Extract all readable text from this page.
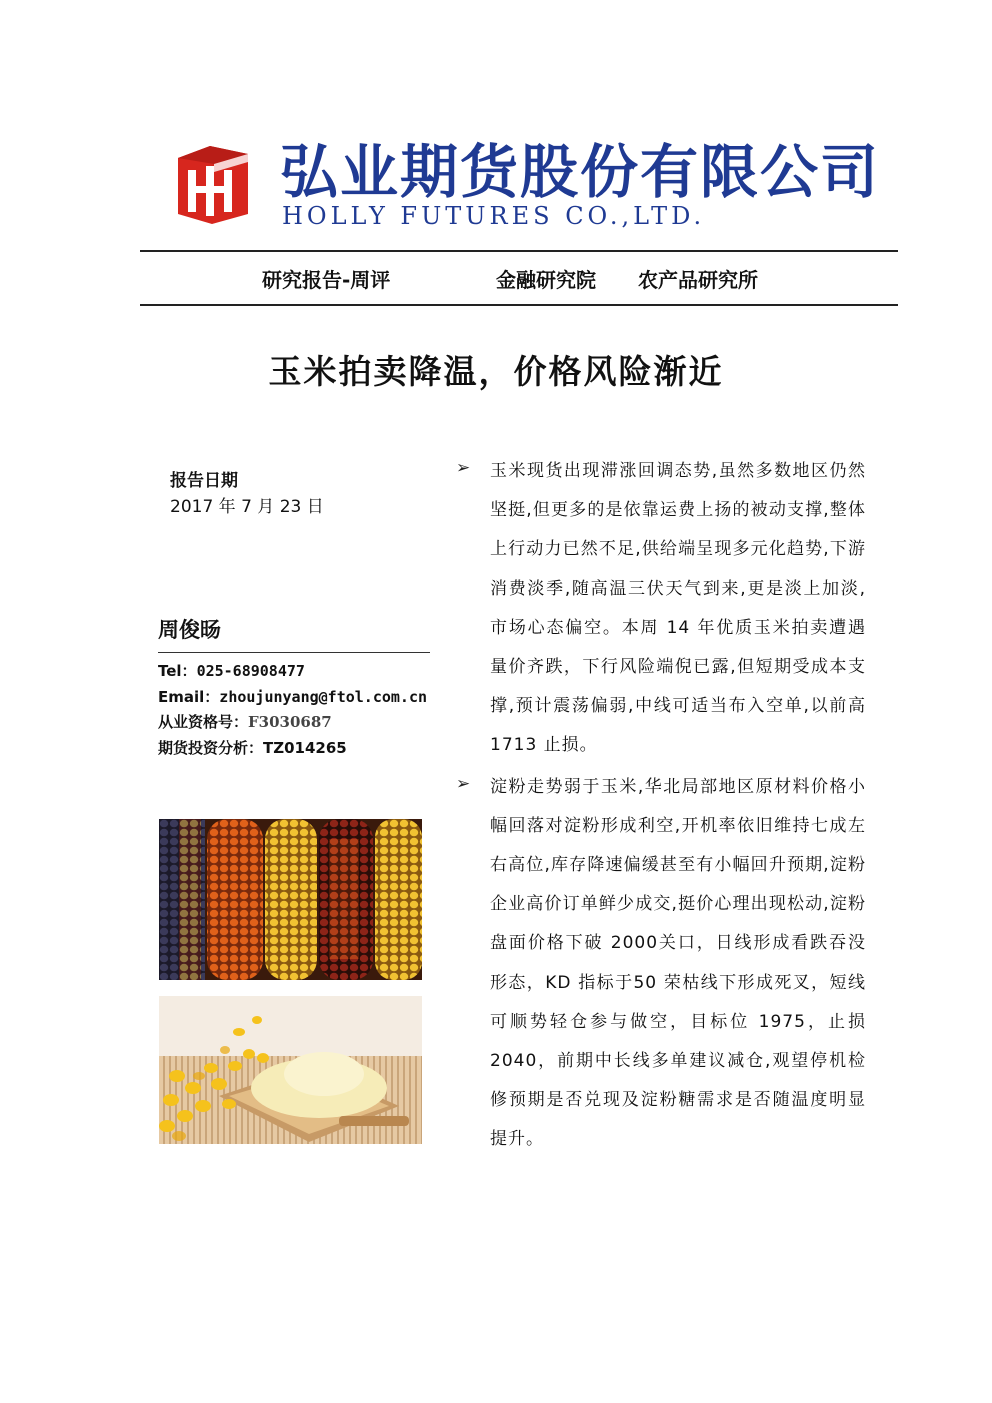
弘业期货股份有限公司
HOLLY FUTURES CO.,LTD.
研究报告-周评	金融研究院 农产品研究所
玉米拍卖降温，价格风险渐近
报告日期
2017 年 7 月 23 日
周俊旸
Tel：025-68908477
Email：zhoujunyang@ftol.com.cn
从业资格号：F3030687
期货投资分析：TZ014265
➢ 玉米现货出现滞涨回调态势,虽然多数地区仍然坚挺,但更多的是依靠运费上扬的被动支撑,整体上行动力已然不足,供给端呈现多元化趋势,下游消费淡季,随高温三伏天气到来,更是淡上加淡,市场心态偏空。本周 14 年优质玉米拍卖遭遇量价齐跌，下行风险端倪已露,但短期受成本支撑,预计震荡偏弱,中线可适当布入空单,以前高 1713 止损。
➢ 淀粉走势弱于玉米,华北局部地区原材料价格小幅回落对淀粉形成利空,开机率依旧维持七成左右高位,库存降速偏缓甚至有小幅回升预期,淀粉企业高价订单鲜少成交,挺价心理出现松动,淀粉盘面价格下破 2000关口，日线形成看跌吞没形态，KD 指标于50 荣枯线下形成死叉，短线可顺势轻仓参与做空，目标位 1975，止损 2040，前期中长线多单建议减仓,观望停机检修预期是否兑现及淀粉糖需求是否随温度明显提升。
